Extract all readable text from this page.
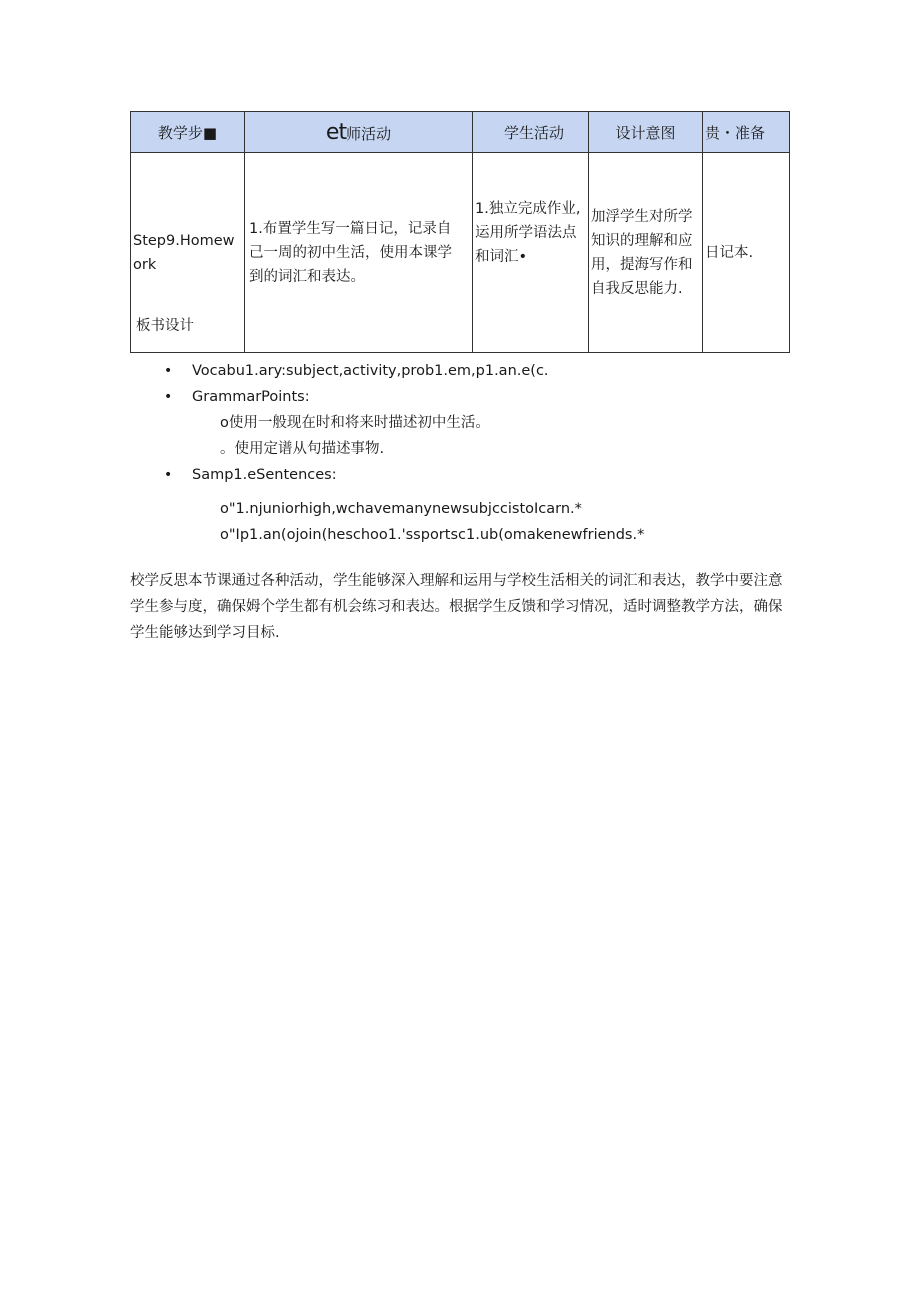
教学步■	et师活动	学生活动	设计意图	贵・准备
Step9.Homework	1.布置学生写一篇日记，记录自己一周的初中生活，使用本课学到的词汇和表达。	1.独立完成作业,运用所学语法点和词汇•	加浮学生对所学知识的理解和应用，提海写作和自我反思能力.	日记本.
板书设计
• Vocabu1.ary:subject,activity,prob1.em,p1.an.e(c.
• GrammarPoints:
o使用一般现在时和将来时描述初中生活。
。使用定谱从句描述事物.
• Samp1.eSentences:
o"1.njuniorhigh,wchavemanynewsubjccistoIcarn.*
o"Ip1.an(ojoin(heschoo1.'ssportsc1.ub(omakenewfriends.*

校学反思本节课通过各种活动，学生能够深入理解和运用与学校生活相关的词汇和表达，教学中要注意学生参与度，确保姆个学生都有机会练习和表达。根据学生反馈和学习情况，适时调整教学方法，确保学生能够达到学习目标.
